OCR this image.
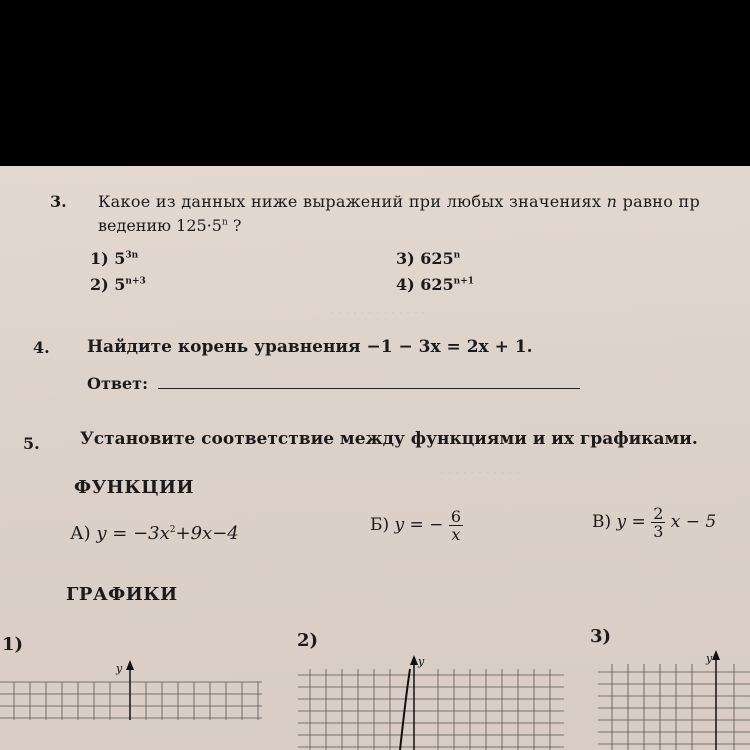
· · · · · · · · · · · · ·
· · · · · · · · · · ·
3. Какое из данных ниже выражений при любых значениях n равно пр
ведению $125\cdot 5^n$ ?
1) $5^{3n}$
2) $5^{n+3}$
3) 625$^n$
4) $625^{n+1}$
4. Найдите корень уравнения −1 − 3x = 2x + 1.
Ответ:
5. Установите соответствие между функциями и их графиками.
ФУНКЦИИ
А) $y = -3x^2+9x-4$	Б) y = − $\frac{6}{x}$	В) $y = \frac{2}{3}$ x − 5
ГРАФИКИ
1)	2)	3)
y
y	y
